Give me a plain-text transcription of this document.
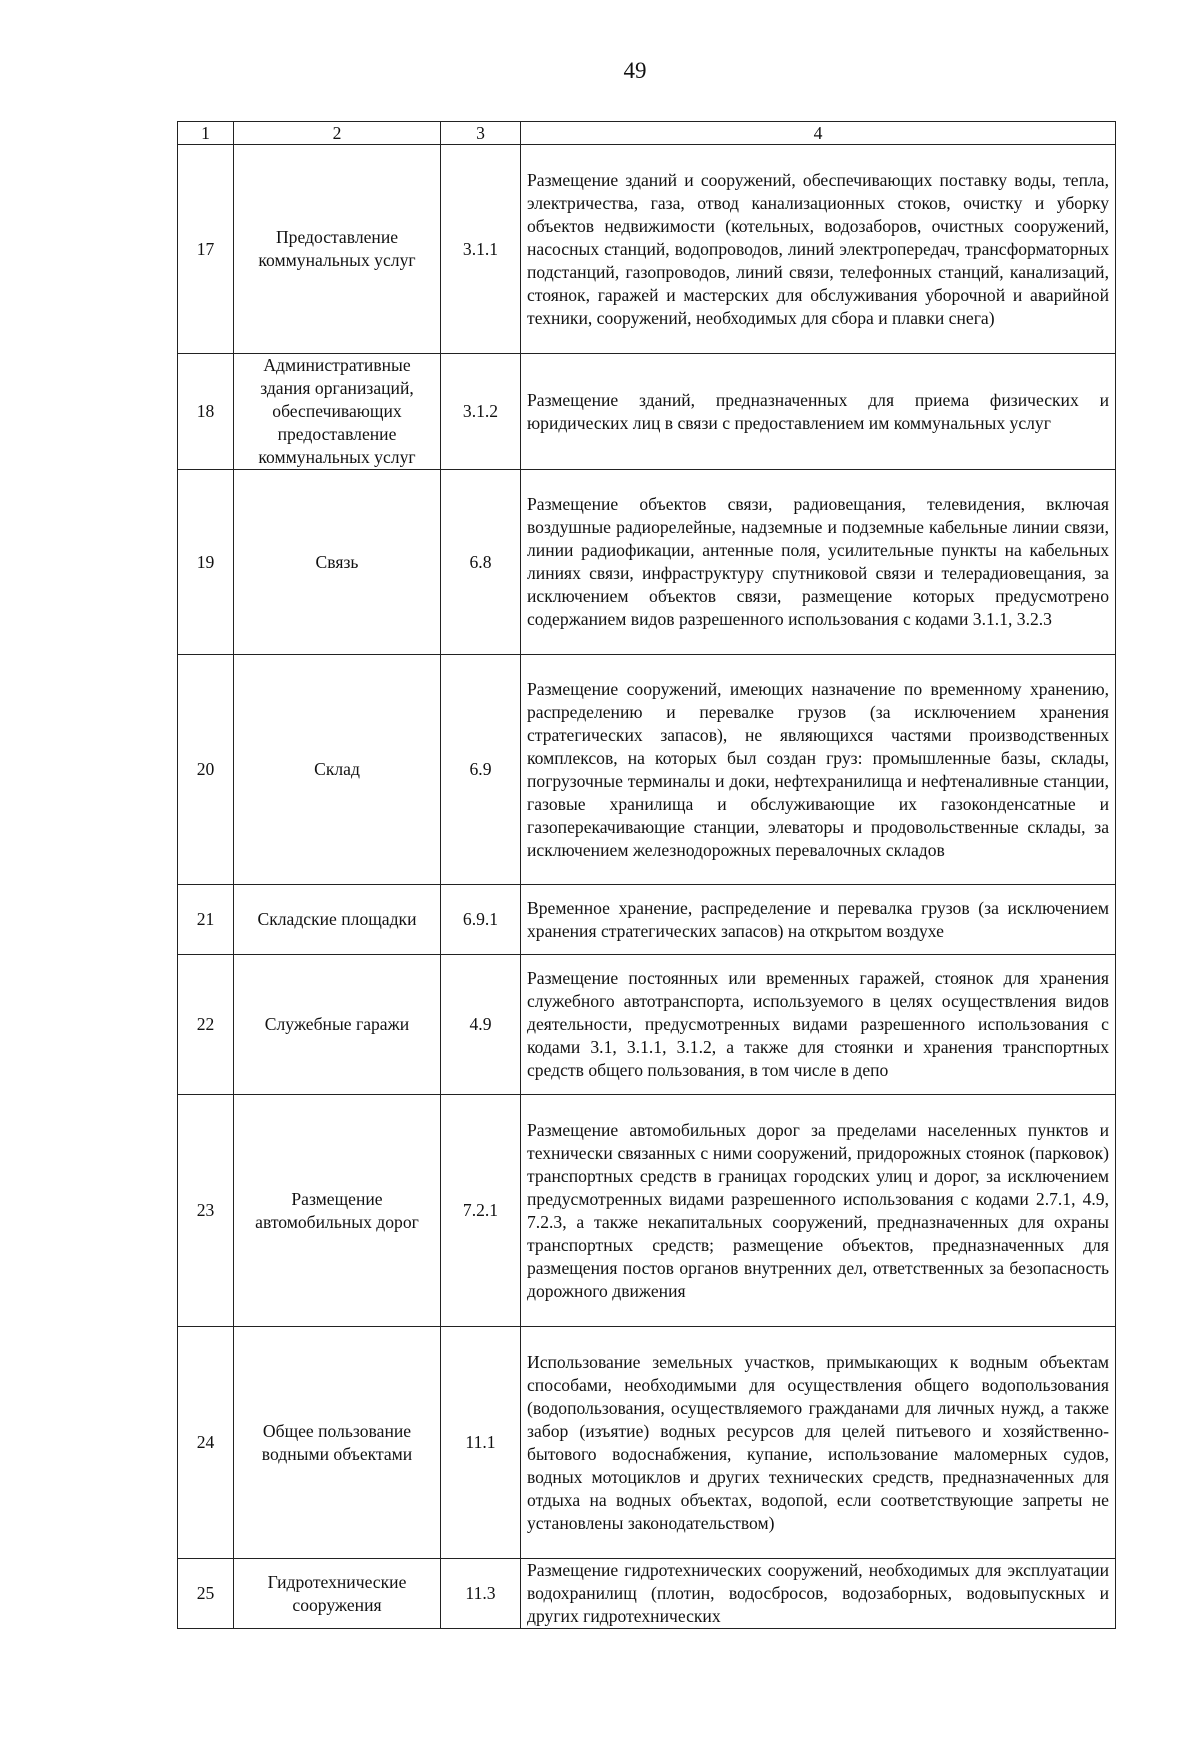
49
1	2	3	4
17	Предоставление коммунальных услуг	3.1.1	Размещение зданий и сооружений, обеспечивающих поставку воды, тепла, электричества, газа, отвод канализационных стоков, очистку и уборку объектов недвижимости (котельных, водозаборов, очистных сооружений, насосных станций, водопроводов, линий электропередач, трансформаторных подстанций, газопроводов, линий связи, телефонных станций, канализаций, стоянок, гаражей и мастерских для обслуживания уборочной и аварийной техники, сооружений, необходимых для сбора и плавки снега)
18	Административные здания организаций, обеспечивающих предоставление коммунальных услуг	3.1.2	Размещение зданий, предназначенных для приема физических и юридических лиц в связи с предоставлением им коммунальных услуг
19	Связь	6.8	Размещение объектов связи, радиовещания, телевидения, включая воздушные радиорелейные, надземные и подземные кабельные линии связи, линии радиофикации, антенные поля, усилительные пункты на кабельных линиях связи, инфраструктуру спутниковой связи и телерадиовещания, за исключением объектов связи, размещение которых предусмотрено содержанием видов разрешенного использования с кодами 3.1.1, 3.2.3
20	Склад	6.9	Размещение сооружений, имеющих назначение по временному хранению, распределению и перевалке грузов (за исключением хранения стратегических запасов), не являющихся частями производственных комплексов, на которых был создан груз: промышленные базы, склады, погрузочные терминалы и доки, нефтехранилища и нефтеналивные станции, газовые хранилища и обслуживающие их газоконденсатные и газоперекачивающие станции, элеваторы и продовольственные склады, за исключением железнодорожных перевалочных складов
21	Складские площадки	6.9.1	Временное хранение, распределение и перевалка грузов (за исключением хранения стратегических запасов) на открытом воздухе
22	Служебные гаражи	4.9	Размещение постоянных или временных гаражей, стоянок для хранения служебного автотранспорта, используемого в целях осуществления видов деятельности, предусмотренных видами разрешенного использования с кодами 3.1, 3.1.1, 3.1.2, а также для стоянки и хранения транспортных средств общего пользования, в том числе в депо
23	Размещение автомобильных дорог	7.2.1	Размещение автомобильных дорог за пределами населенных пунктов и технически связанных с ними сооружений, придорожных стоянок (парковок) транспортных средств в границах городских улиц и дорог, за исключением предусмотренных видами разрешенного использования с кодами 2.7.1, 4.9, 7.2.3, а также некапитальных сооружений, предназначенных для охраны транспортных средств; размещение объектов, предназначенных для размещения постов органов внутренних дел, ответственных за безопасность дорожного движения
24	Общее пользование водными объектами	11.1	Использование земельных участков, примыкающих к водным объектам способами, необходимыми для осуществления общего водопользования (водопользования, осуществляемого гражданами для личных нужд, а также забор (изъятие) водных ресурсов для целей питьевого и хозяйственно-бытового водоснабжения, купание, использование маломерных судов, водных мотоциклов и других технических средств, предназначенных для отдыха на водных объектах, водопой, если соответствующие запреты не установлены законодательством)
25	Гидротехнические сооружения	11.3	Размещение гидротехнических сооружений, необходимых для эксплуатации водохранилищ (плотин, водосбросов, водозаборных, водовыпускных и других гидротехнических
